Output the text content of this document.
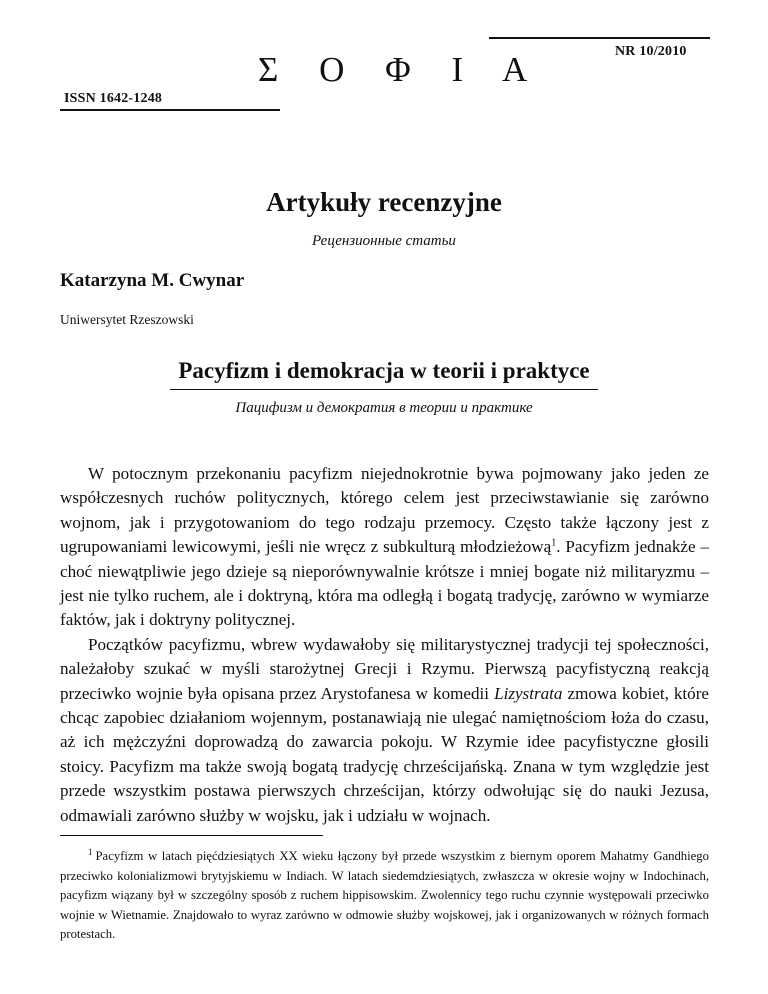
NR 10/2010
Σ Ο Φ Ι Α
ISSN 1642-1248
Artykuły recenzyjne
Рецензионные статьи
Katarzyna M. Cwynar
Uniwersytet Rzeszowski
Pacyfizm i demokracja w teorii i praktyce
Пацифизм и демократия в теории и практике

W potocznym przekonaniu pacyfizm niejednokrotnie bywa pojmowany jako jeden ze współczesnych ruchów politycznych, którego celem jest przeciwstawianie się zarówno wojnom, jak i przygotowaniom do tego rodzaju przemocy. Często także łączony jest z ugrupowaniami lewicowymi, jeśli nie wręcz z subkulturą młodzieżową$^1$. Pacyfizm jednakże – choć niewątpliwie jego dzieje są nieporównywalnie krótsze i mniej bogate niż militaryzmu – jest nie tylko ruchem, ale i doktryną, która ma odległą i bogatą tradycję, zarówno w wymiarze faktów, jak i doktryny politycznej.

Początków pacyfizmu, wbrew wydawałoby się militarystycznej tradycji tej społeczności, należałoby szukać w myśli starożytnej Grecji i Rzymu. Pierwszą pacyfistyczną reakcją przeciwko wojnie była opisana przez Arystofanesa w komedii Lizystrata zmowa kobiet, które chcąc zapobiec działaniom wojennym, postanawiają nie ulegać namiętnościom łoża do czasu, aż ich mężczyźni doprowadzą do zawarcia pokoju. W Rzymie idee pacyfistyczne głosili stoicy. Pacyfizm ma także swoją bogatą tradycję chrześcijańską. Znana w tym względzie jest przede wszystkim postawa pierwszych chrześcijan, którzy odwołując się do nauki Jezusa, odmawiali zarówno służby w wojsku, jak i udziału w wojnach.

$^1$ Pacyfizm w latach pięćdziesiątych XX wieku łączony był przede wszystkim z biernym oporem Mahatmy Gandhiego przeciwko kolonializmowi brytyjskiemu w Indiach. W latach siedemdziesiątych, zwłaszcza w okresie wojny w Indochinach, pacyfizm wiązany był w szczególny sposób z ruchem hippisowskim. Zwolennicy tego ruchu czynnie występowali przeciwko wojnie w Wietnamie. Znajdowało to wyraz zarówno w odmowie służby wojskowej, jak i organizowanych w różnych formach protestach.
